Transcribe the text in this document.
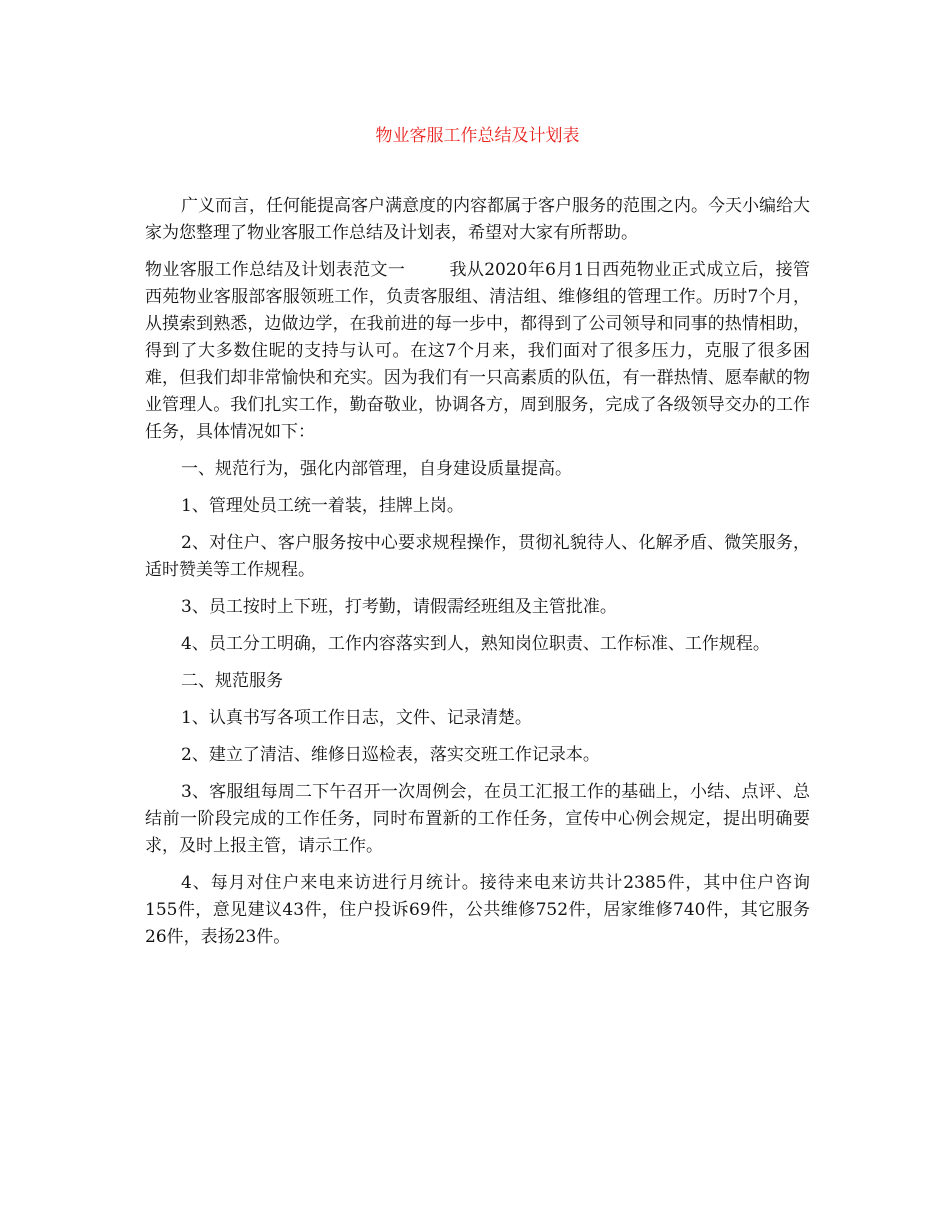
物业客服工作总结及计划表

广义而言，任何能提高客户满意度的内容都属于客户服务的范围之内。今天小编给大家为您整理了物业客服工作总结及计划表，希望对大家有所帮助。

物业客服工作总结及计划表范文一	我从2020年6月1日西苑物业正式成立后，接管西苑物业客服部客服领班工作，负责客服组、清洁组、维修组的管理工作。历时7个月，从摸索到熟悉，边做边学，在我前进的每一步中，都得到了公司领导和同事的热情相助，得到了大多数住昵的支持与认可。在这7个月来，我们面对了很多压力，克服了很多困难，但我们却非常愉快和充实。因为我们有一只高素质的队伍，有一群热情、愿奉献的物业管理人。我们扎实工作，勤奋敬业，协调各方，周到服务，完成了各级领导交办的工作任务，具体情况如下：

一、规范行为，强化内部管理，自身建设质量提高。

1、管理处员工统一着装，挂牌上岗。

2、对住户、客户服务按中心要求规程操作，贯彻礼貌待人、化解矛盾、微笑服务，适时赞美等工作规程。

3、员工按时上下班，打考勤，请假需经班组及主管批准。

4、员工分工明确，工作内容落实到人，熟知岗位职责、工作标准、工作规程。

二、规范服务

1、认真书写各项工作日志，文件、记录清楚。

2、建立了清洁、维修日巡检表，落实交班工作记录本。

3、客服组每周二下午召开一次周例会，在员工汇报工作的基础上，小结、点评、总结前一阶段完成的工作任务，同时布置新的工作任务，宣传中心例会规定，提出明确要求，及时上报主管，请示工作。

4、每月对住户来电来访进行月统计。接待来电来访共计2385件，其中住户咨询155件，意见建议43件，住户投诉69件，公共维修752件，居家维修740件，其它服务26件，表扬23件。
